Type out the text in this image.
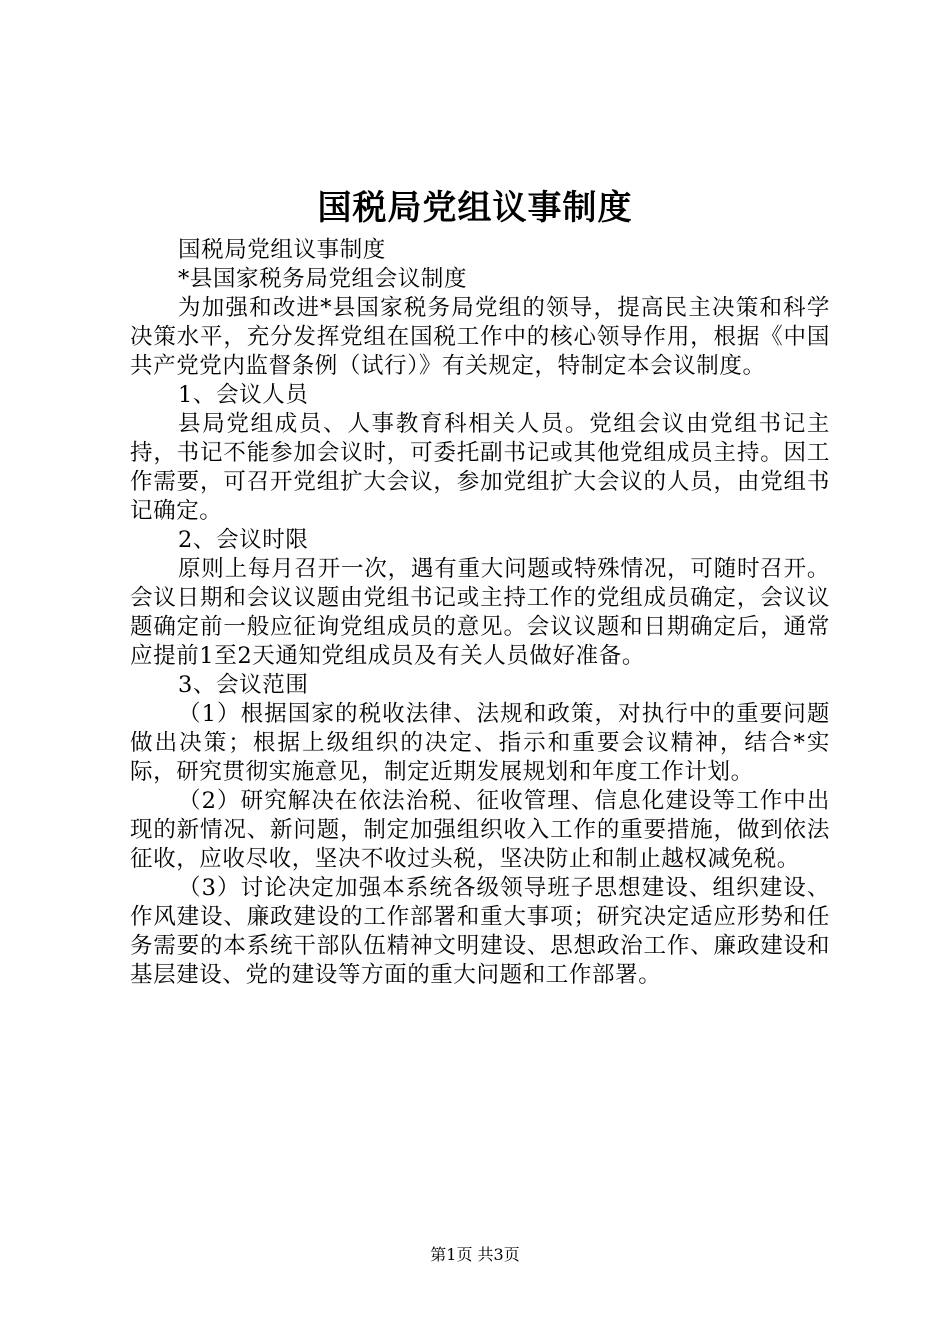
国税局党组议事制度

国税局党组议事制度

*县国家税务局党组会议制度

为加强和改进*县国家税务局党组的领导，提高民主决策和科学决策水平，充分发挥党组在国税工作中的核心领导作用，根据《中国共产党党内监督条例（试行）》有关规定，特制定本会议制度。

1、会议人员

县局党组成员、人事教育科相关人员。党组会议由党组书记主持，书记不能参加会议时，可委托副书记或其他党组成员主持。因工作需要，可召开党组扩大会议，参加党组扩大会议的人员，由党组书记确定。

2、会议时限

原则上每月召开一次，遇有重大问题或特殊情况，可随时召开。会议日期和会议议题由党组书记或主持工作的党组成员确定，会议议题确定前一般应征询党组成员的意见。会议议题和日期确定后，通常应提前1至2天通知党组成员及有关人员做好准备。

3、会议范围

（1）根据国家的税收法律、法规和政策，对执行中的重要问题做出决策；根据上级组织的决定、指示和重要会议精神，结合*实际，研究贯彻实施意见，制定近期发展规划和年度工作计划。

（2）研究解决在依法治税、征收管理、信息化建设等工作中出现的新情况、新问题，制定加强组织收入工作的重要措施，做到依法征收，应收尽收，坚决不收过头税，坚决防止和制止越权减免税。

（3）讨论决定加强本系统各级领导班子思想建设、组织建设、作风建设、廉政建设的工作部署和重大事项；研究决定适应形势和任务需要的本系统干部队伍精神文明建设、思想政治工作、廉政建设和基层建设、党的建设等方面的重大问题和工作部署。

第1页 共3页
